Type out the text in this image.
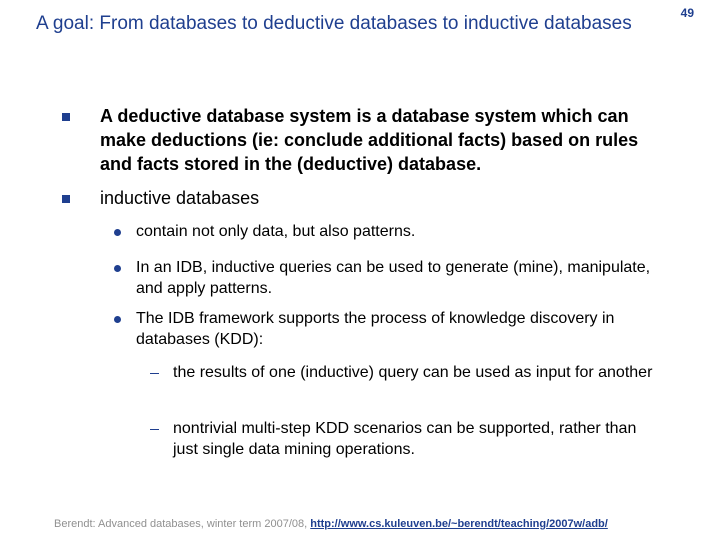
A goal: From databases to deductive databases to inductive databases	49
A deductive database system is a database system which can make deductions (ie: conclude additional facts) based on rules and facts stored in the (deductive) database.
inductive databases
contain not only data, but also patterns.
In an IDB, inductive queries can be used to generate (mine), manipulate, and apply patterns.
The IDB framework supports the process of knowledge discovery in databases (KDD):
the results of one (inductive) query can be used as input for another
nontrivial multi-step KDD scenarios can be supported, rather than just single data mining operations.
Berendt: Advanced databases, winter term 2007/08, http://www.cs.kuleuven.be/~berendt/teaching/2007w/adb/
